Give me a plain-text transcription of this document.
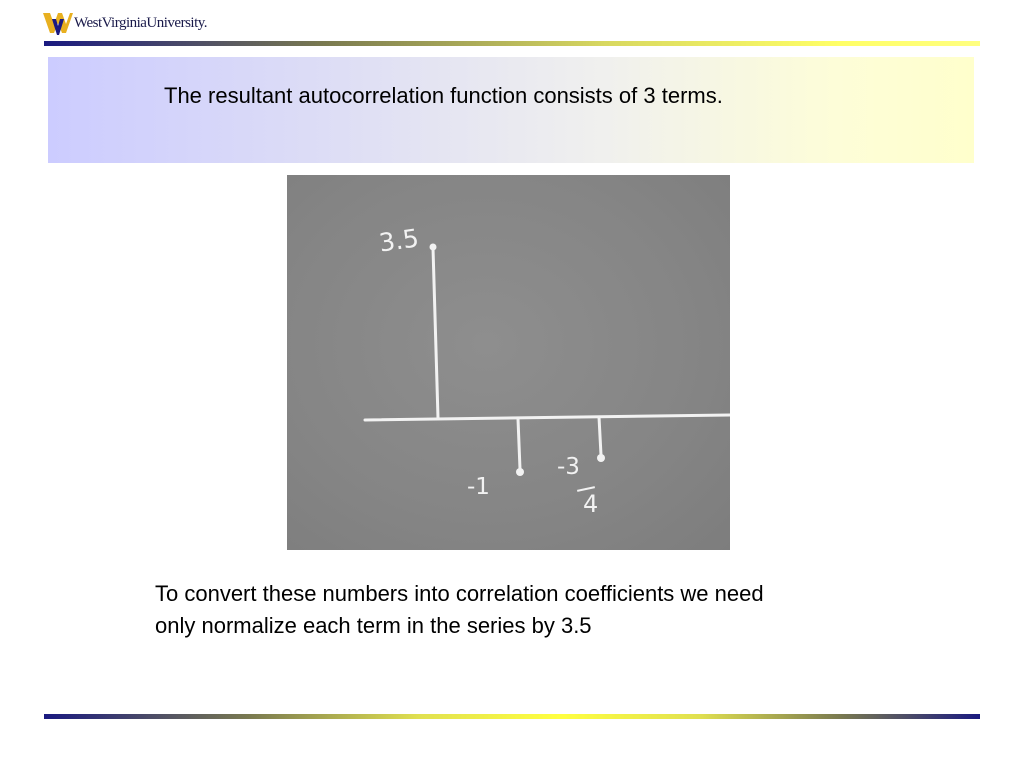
WestVirginiaUniversity.
The resultant autocorrelation function consists of 3 terms.
3.5
-1
-3
4
To convert these numbers into correlation coefficients we need
only normalize each term in the series by 3.5
